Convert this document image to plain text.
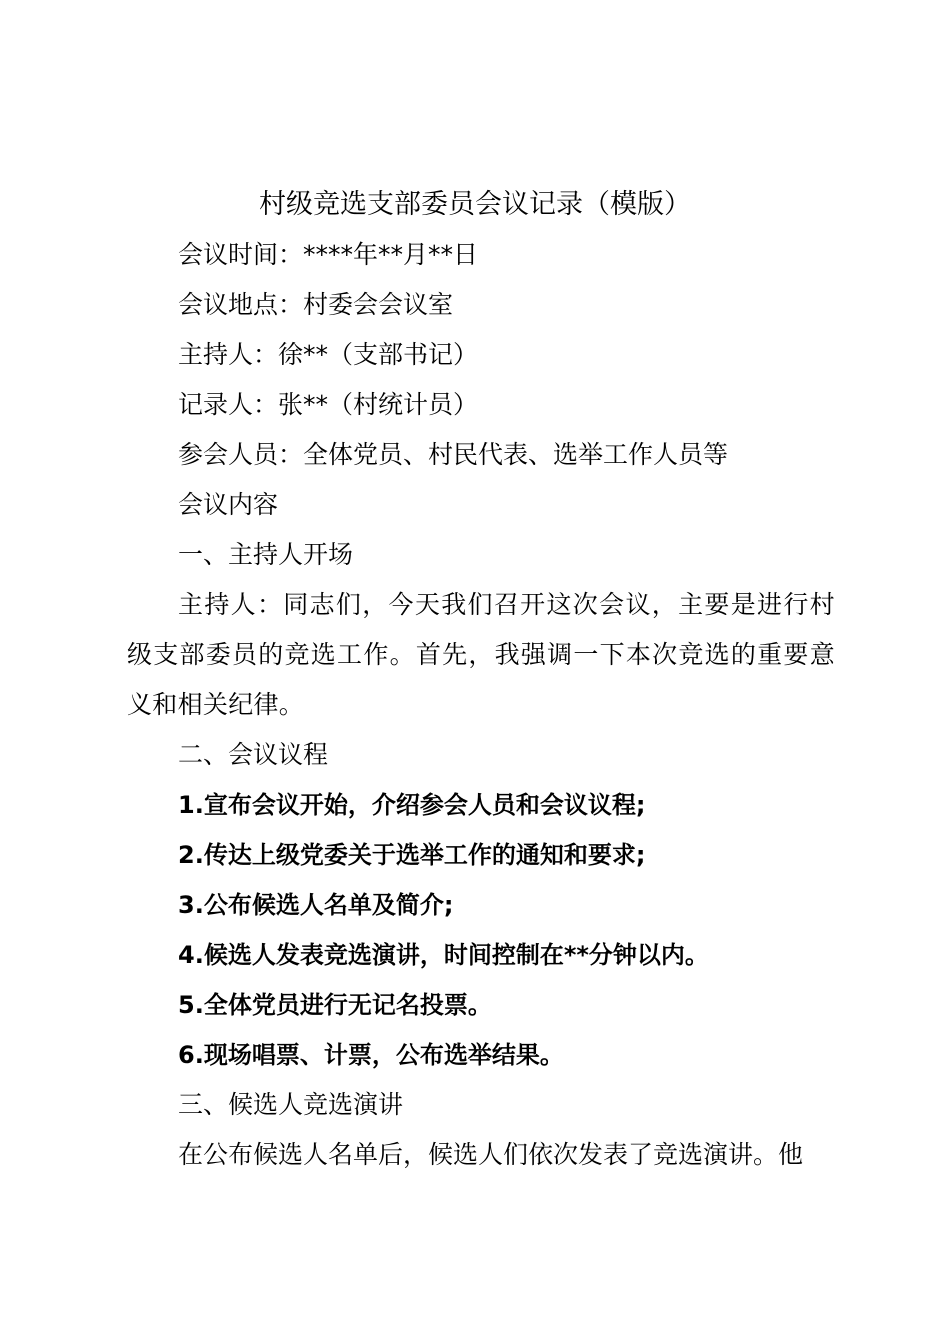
村级竞选支部委员会议记录（模版）
会议时间：****年**月**日
会议地点：村委会会议室
主持人：徐**（支部书记）
记录人：张**（村统计员）
参会人员：全体党员、村民代表、选举工作人员等
会议内容
一、主持人开场
主持人：同志们，今天我们召开这次会议，主要是进行村级支部委员的竞选工作。首先，我强调一下本次竞选的重要意义和相关纪律。
二、会议议程
1.宣布会议开始，介绍参会人员和会议议程;
2.传达上级党委关于选举工作的通知和要求;
3.公布候选人名单及简介;
4.候选人发表竞选演讲，时间控制在**分钟以内。
5.全体党员进行无记名投票。
6.现场唱票、计票，公布选举结果。
三、候选人竞选演讲
在公布候选人名单后，候选人们依次发表了竞选演讲。他
